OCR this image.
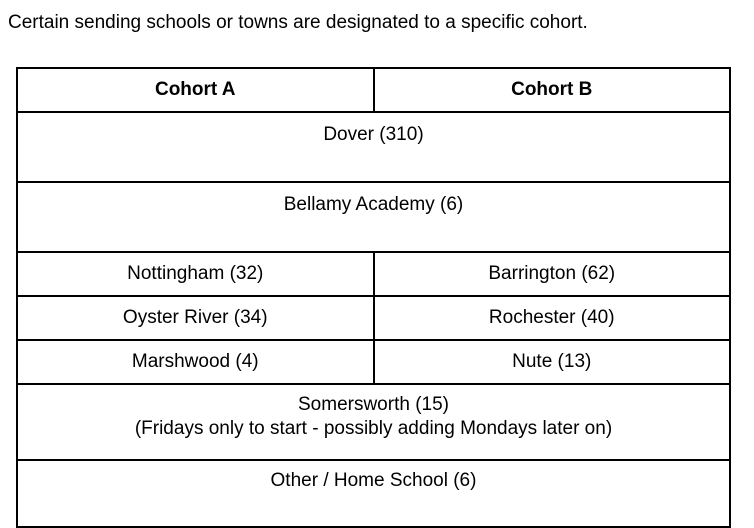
Certain sending schools or towns are designated to a specific cohort.
Cohort A	Cohort B
Dover (310)	
Bellamy Academy (6)	
Nottingham (32)	Barrington (62)
Oyster River (34)	Rochester (40)
Marshwood (4)	Nute (13)

Somersworth (15)
(Fridays only to start - possibly adding Mondays later on)	

Other / Home School (6)	
